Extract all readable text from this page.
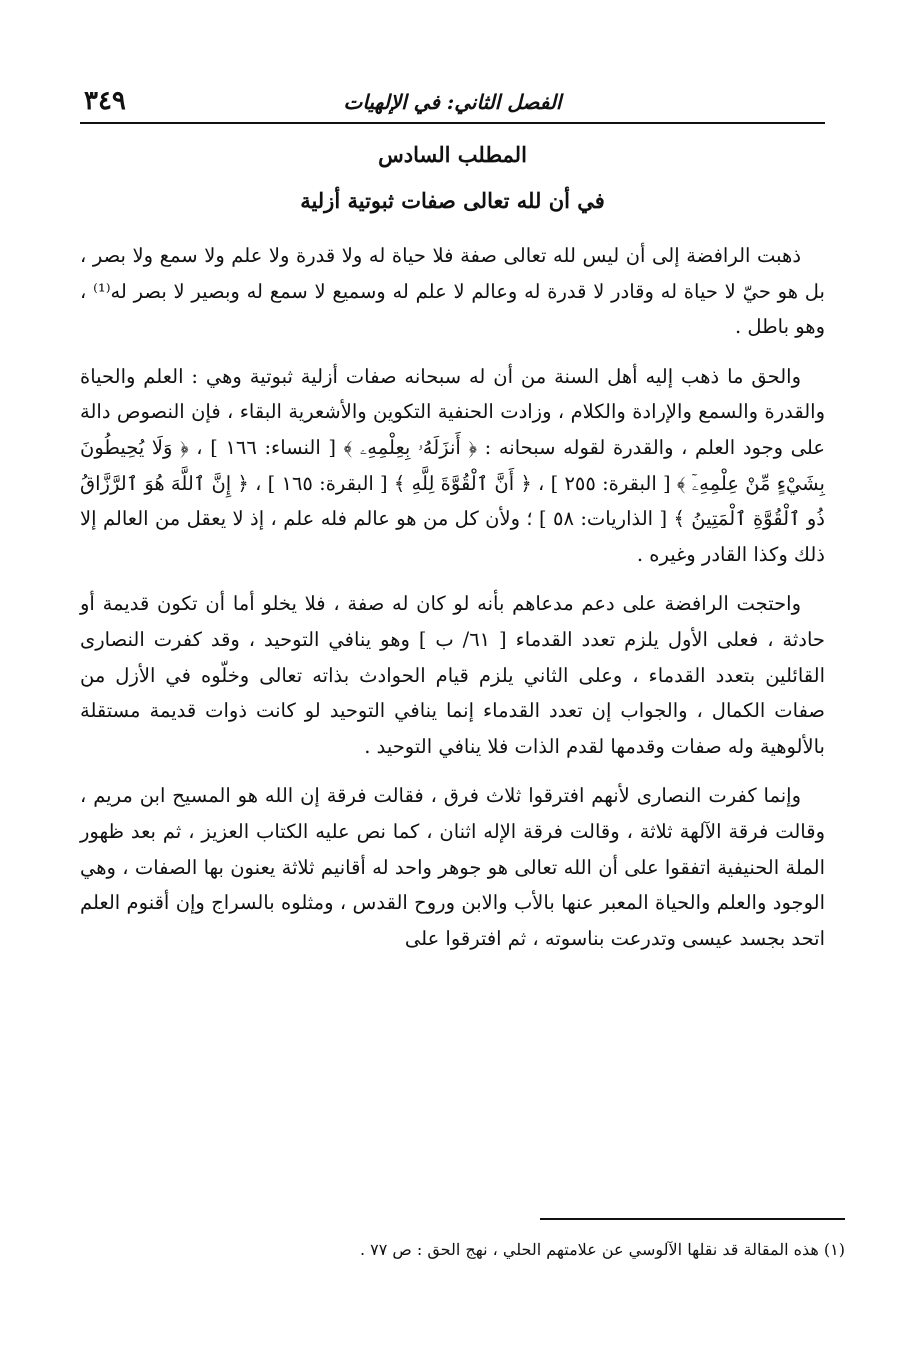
٣٤٩	الفصل الثاني: في الإلهيات
المطلب السادس
في أن لله تعالى صفات ثبوتية أزلية

ذهبت الرافضة إلى أن ليس لله تعالى صفة فلا حياة له ولا قدرة ولا علم ولا سمع ولا بصر ، بل هو حيّ لا حياة له وقادر لا قدرة له وعالم لا علم له وسميع لا سمع له وبصير لا بصر له⁽¹⁾ ، وهو باطل .

والحق ما ذهب إليه أهل السنة من أن له سبحانه صفات أزلية ثبوتية وهي : العلم والحياة والقدرة والسمع والإرادة والكلام ، وزادت الحنفية التكوين والأشعرية البقاء ، فإن النصوص دالة على وجود العلم ، والقدرة لقوله سبحانه : ﴿ أَنزَلَهُۥ بِعِلْمِهِۦ ﴾ [ النساء: ١٦٦ ] ، ﴿ وَلَا يُحِيطُونَ بِشَيْءٍ مِّنْ عِلْمِهِۦٓ ﴾ [ البقرة: ٢٥٥ ] ، ﴿ أَنَّ ٱلْقُوَّةَ لِلَّهِ ﴾ [ البقرة: ١٦٥ ] ، ﴿ إِنَّ ٱللَّهَ هُوَ ٱلرَّزَّاقُ ذُو ٱلْقُوَّةِ ٱلْمَتِينُ ﴾ [ الذاريات: ٥٨ ] ؛ ولأن كل من هو عالم فله علم ، إذ لا يعقل من العالم إلا ذلك وكذا القادر وغيره .

واحتجت الرافضة على دعم مدعاهم بأنه لو كان له صفة ، فلا يخلو أما أن تكون قديمة أو حادثة ، فعلى الأول يلزم تعدد القدماء [ ٦١/ ب ] وهو ينافي التوحيد ، وقد كفرت النصارى القائلين بتعدد القدماء ، وعلى الثاني يلزم قيام الحوادث بذاته تعالى وخلّوه في الأزل من صفات الكمال ، والجواب إن تعدد القدماء إنما ينافي التوحيد لو كانت ذوات قديمة مستقلة بالألوهية وله صفات وقدمها لقدم الذات فلا ينافي التوحيد .

وإنما كفرت النصارى لأنهم افترقوا ثلاث فرق ، فقالت فرقة إن الله هو المسيح ابن مريم ، وقالت فرقة الآلهة ثلاثة ، وقالت فرقة الإله اثنان ، كما نص عليه الكتاب العزيز ، ثم بعد ظهور الملة الحنيفية اتفقوا على أن الله تعالى هو جوهر واحد له أقانيم ثلاثة يعنون بها الصفات ، وهي الوجود والعلم والحياة المعبر عنها بالأب والابن وروح القدس ، ومثلوه بالسراج وإن أقنوم العلم اتحد بجسد عيسى وتدرعت بناسوته ، ثم افترقوا على

(١) هذه المقالة قد نقلها الآلوسي عن علامتهم الحلي ، نهج الحق : ص ٧٧ .
